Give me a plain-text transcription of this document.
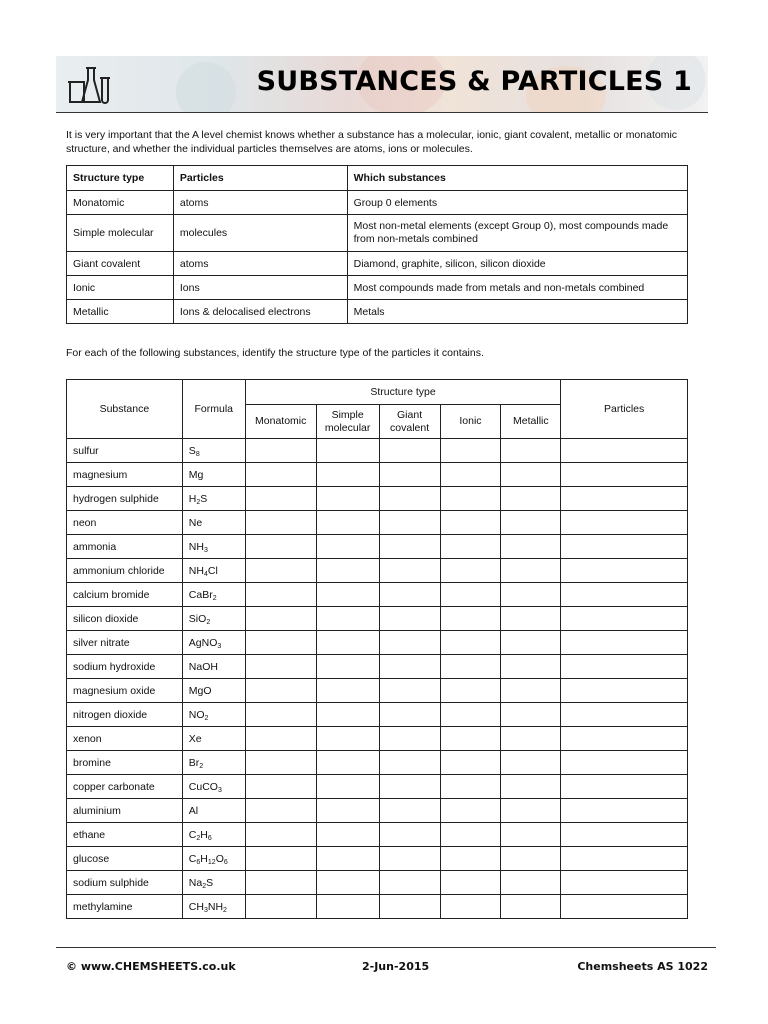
SUBSTANCES & PARTICLES 1

It is very important that the A level chemist knows whether a substance has a molecular, ionic, giant covalent, metallic or monatomic structure, and whether the individual particles themselves are atoms, ions or molecules.

Structure type	Particles	Which substances
Monatomic	atoms	Group 0 elements
Simple molecular	molecules	Most non-metal elements (except Group 0), most compounds made from non-metals combined
Giant covalent	atoms	Diamond, graphite, silicon, silicon dioxide
Ionic	Ions	Most compounds made from metals and non-metals combined
Metallic	Ions & delocalised electrons	Metals
For each of the following substances, identify the structure type of the particles it contains.
Substance	Formula	Structure type					Particles
		Monatomic	Simple molecular	Giant covalent	Ionic	Metallic	
sulfur	$S_8$						
magnesium	Mg						
hydrogen sulphide	$H_2S$						
neon	Ne						
ammonia	$NH_3$						
ammonium chloride	$NH_4Cl$						
calcium bromide	CaBr$_2$						
silicon dioxide	SiO$_2$						
silver nitrate	AgNO$_3$						
sodium hydroxide	NaOH						
magnesium oxide	MgO						
nitrogen dioxide	$NO_2$						
xenon	Xe						
bromine	$Br_2$						
copper carbonate	CuCO$_3$						
aluminium	Al						
ethane	$C_2H_6$						
glucose	$C_6H_{12}O_6$						
sodium sulphide	$Na_2S$						
methylamine	$CH_3NH_2$						
© www.CHEMSHEETS.co.uk	2-Jun-2015	Chemsheets AS 1022
